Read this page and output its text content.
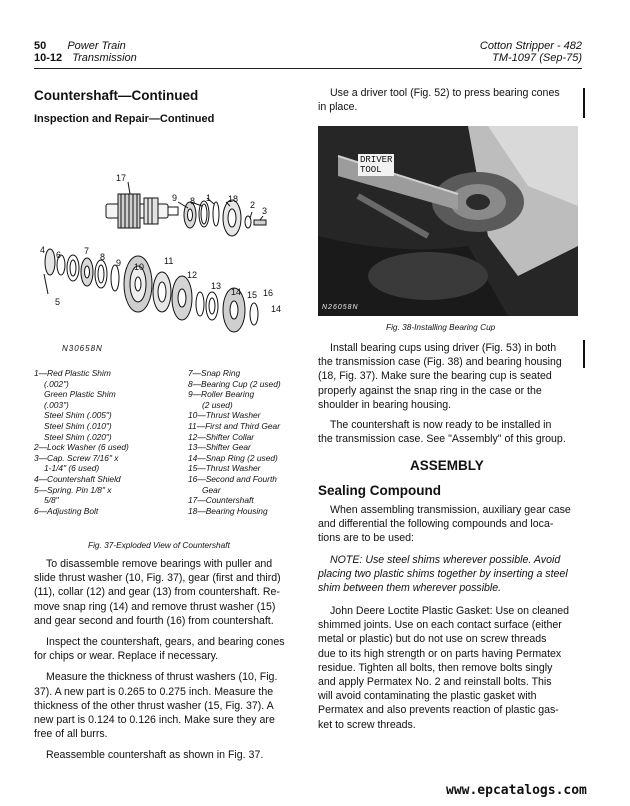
50 Power Train
10-12 Transmission
Cotton Stripper - 482
TM-1097 (Sep-75)
Countershaft—Continued
Inspection and Repair—Continued
17
9 8 1 18
2
3
4 6	7
8
9 10
11
12
13
14 15 16
14
5
N30658N
1—Red Plastic Shim
(.002")
Green Plastic Shim
(.003")
Steel Shim (.005")
Steel Shim (.010")
Steel Shim (.020")
2—Lock Washer (6 used)
3—Cap. Screw 7/16" x
1-1/4" (6 used)
4—Countershaft Shield
5—Spring. Pin 1/8" x
5/8"
6—Adjusting Bolt
7—Snap Ring
8—Bearing Cup (2 used)
9—Roller Bearing
(2 used)
10—Thrust Washer
11—First and Third Gear
12—Shifter Collar
13—Shifter Gear
14—Snap Ring (2 used)
15—Thrust Washer
16—Second and Fourth
Gear
17—Countershaft
18—Bearing Housing
Fig. 37-Exploded View of Countershaft
To disassemble remove bearings with puller and
slide thrust washer (10, Fig. 37), gear (first and third)
(11), collar (12) and gear (13) from countershaft. Re-
move snap ring (14) and remove thrust washer (15)
and gear second and fourth (16) from countershaft.
Inspect the countershaft, gears, and bearing cones
for chips or wear. Replace if necessary.
Measure the thickness of thrust washers (10, Fig.
37). A new part is 0.265 to 0.275 inch. Measure the
thickness of the other thrust washer (15, Fig. 37). A
new part is 0.124 to 0.126 inch. Make sure they are
free of all burrs.
Reassemble countershaft as shown in Fig. 37.
Use a driver tool (Fig. 52) to press bearing cones
in place.
DRIVER
TOOL
N26058N
Fig. 38-Installing Bearing Cup
Install bearing cups using driver (Fig. 53) in both
the transmission case (Fig. 38) and bearing housing
(18, Fig. 37). Make sure the bearing cup is seated
properly against the snap ring in the case or the
shoulder in bearing housing.
The countershaft is now ready to be installed in
the transmission case. See "Assembly" of this group.
ASSEMBLY
Sealing Compound
When assembling transmission, auxiliary gear case
and differential the following compounds and loca-
tions are to be used:
NOTE: Use steel shims wherever possible. Avoid
placing two plastic shims together by inserting a steel
shim between them wherever possible.
John Deere Loctite Plastic Gasket: Use on cleaned
shimmed joints. Use on each contact surface (either
metal or plastic) but do not use on screw threads
due to its high strength or on parts having Permatex
residue. Tighten all bolts, then remove bolts singly
and apply Permatex No. 2 and reinstall bolts. This
will avoid contaminating the plastic gasket with
Permatex and also prevents reaction of plastic gas-
ket to screw threads.
www.epcatalogs.com
